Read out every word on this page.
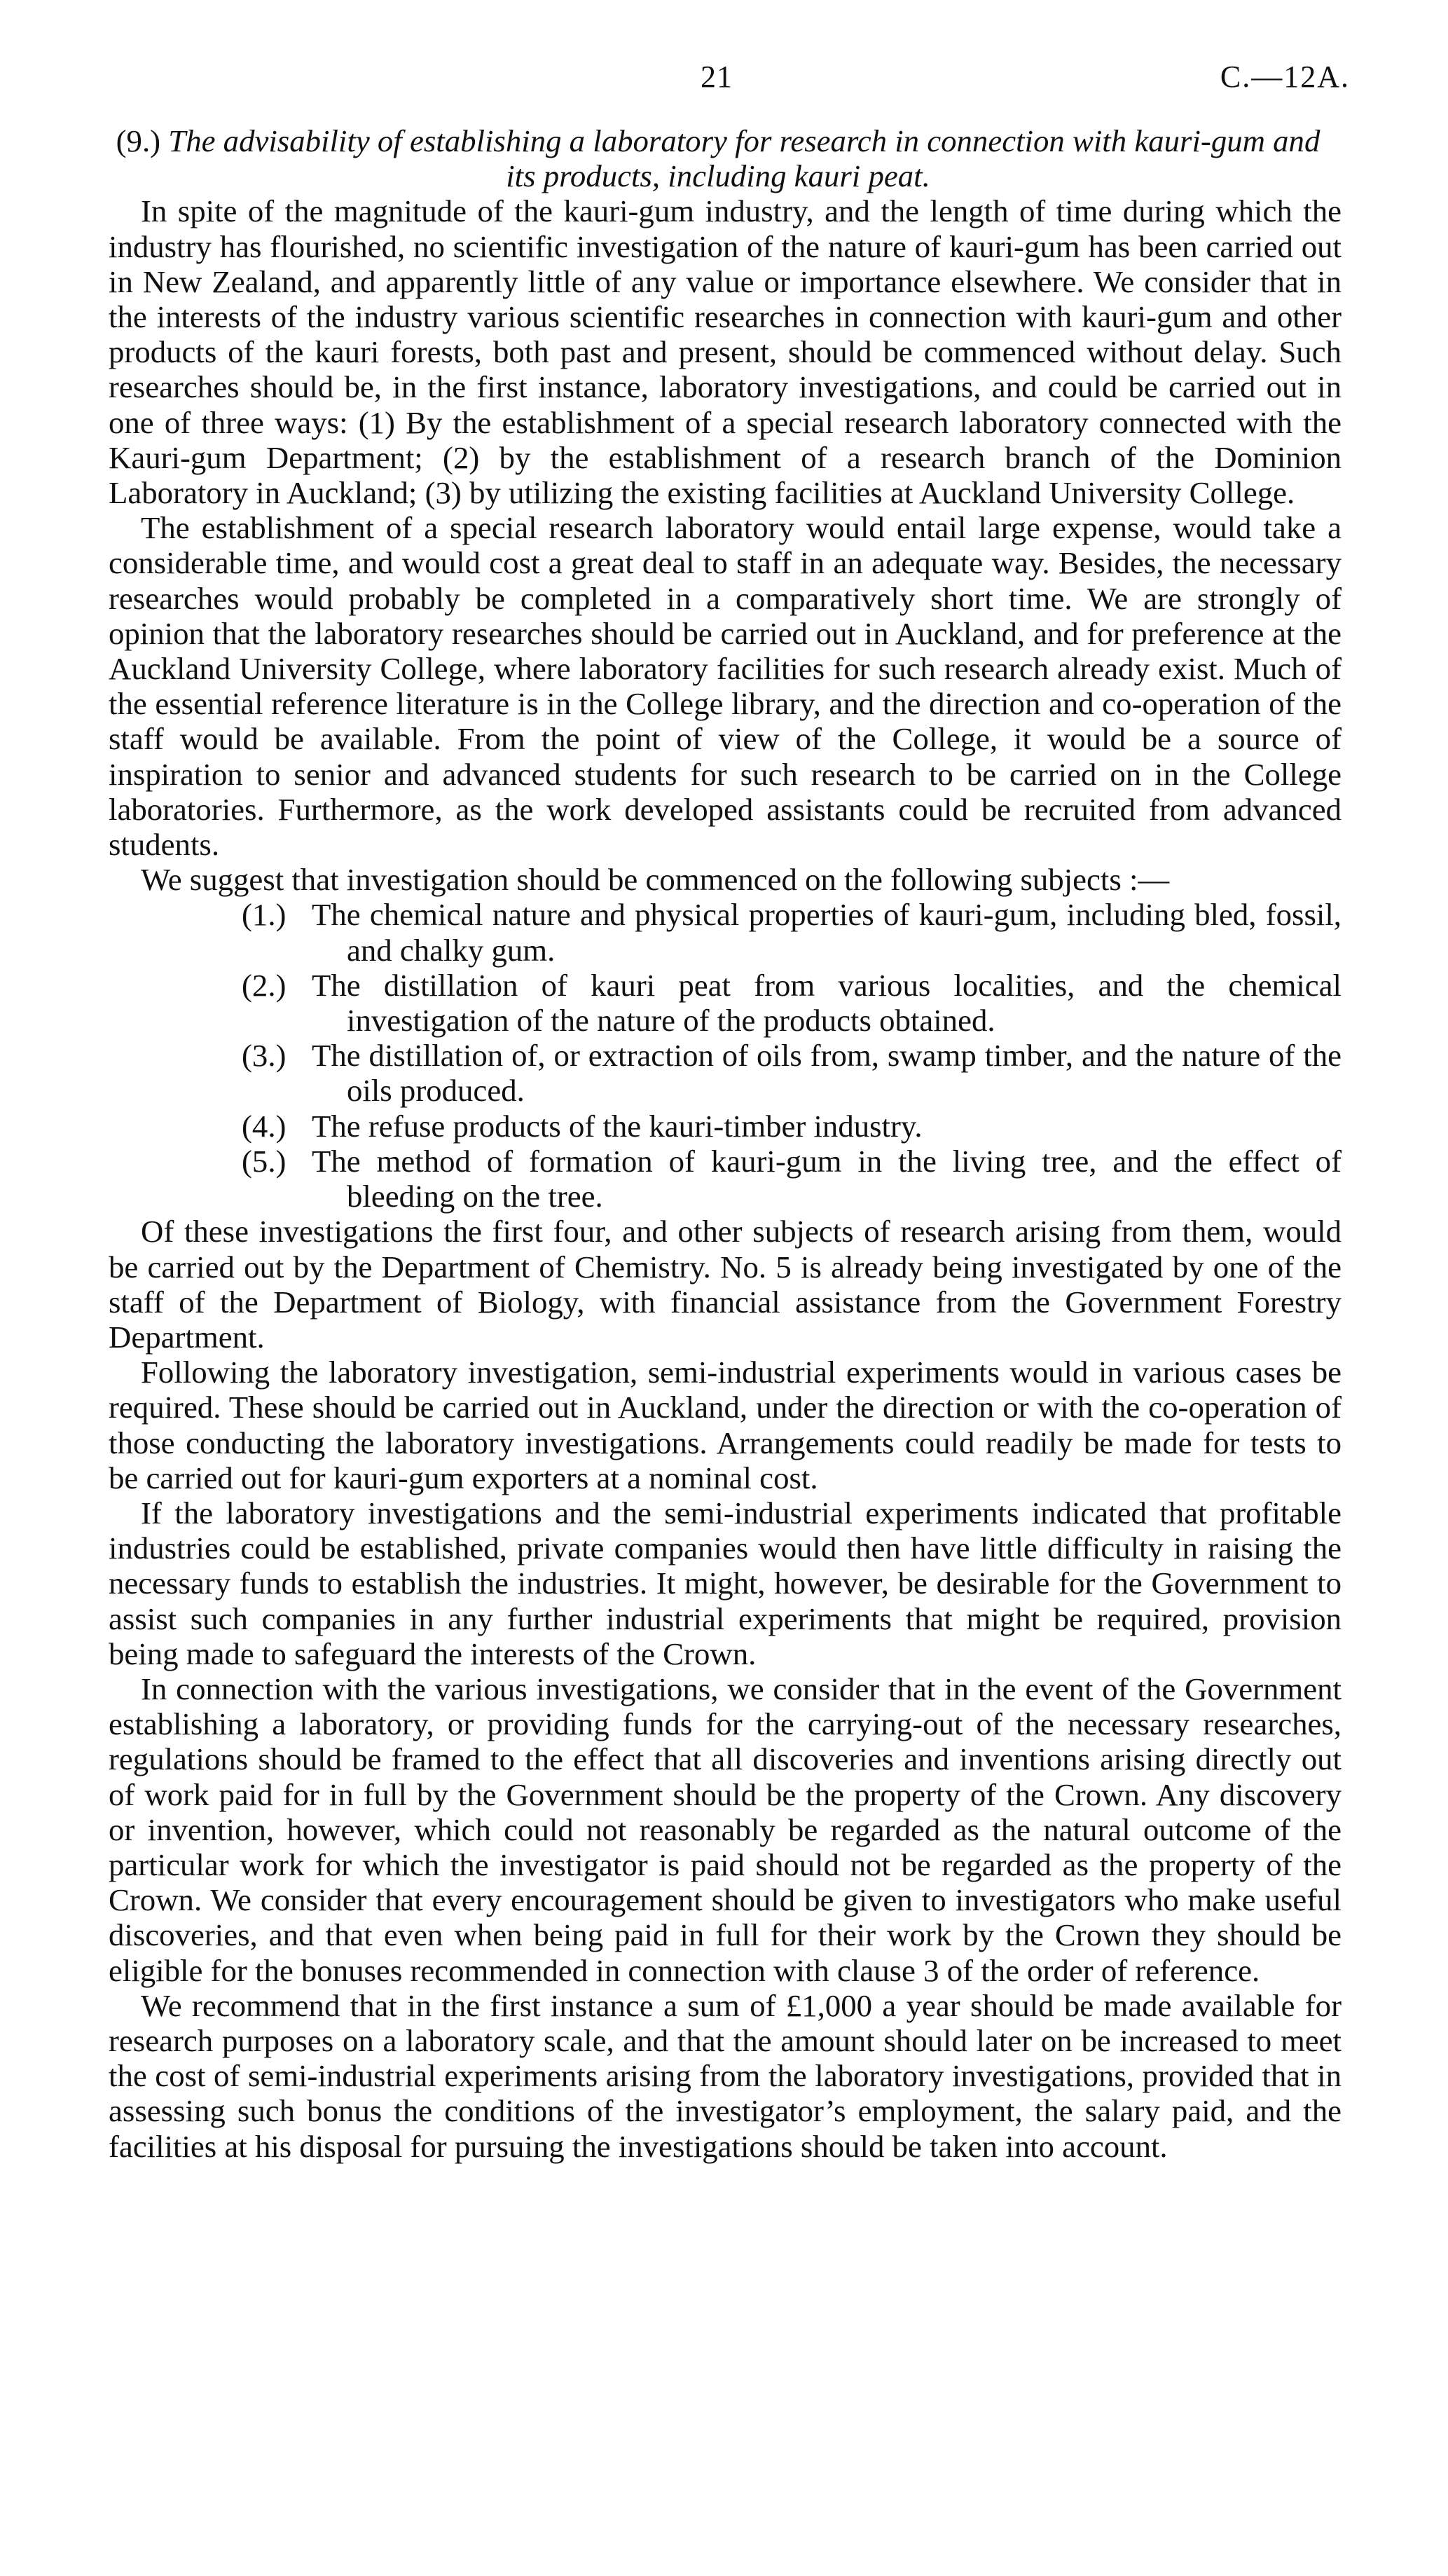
21	C.—12A.

(9.) The advisability of establishing a laboratory for research in connection with kauri-gum and its products, including kauri peat.

In spite of the magnitude of the kauri-gum industry, and the length of time during which the industry has flourished, no scientific investigation of the nature of kauri-gum has been carried out in New Zealand, and apparently little of any value or importance elsewhere. We consider that in the interests of the industry various scientific researches in connection with kauri-gum and other products of the kauri forests, both past and present, should be commenced without delay. Such researches should be, in the first instance, laboratory investigations, and could be carried out in one of three ways: (1) By the establishment of a special research laboratory connected with the Kauri-gum Department; (2) by the establishment of a research branch of the Dominion Laboratory in Auckland; (3) by utilizing the existing facilities at Auckland University College.

The establishment of a special research laboratory would entail large expense, would take a considerable time, and would cost a great deal to staff in an adequate way. Besides, the necessary researches would probably be completed in a comparatively short time. We are strongly of opinion that the laboratory researches should be carried out in Auckland, and for preference at the Auckland University College, where laboratory facilities for such research already exist. Much of the essential reference literature is in the College library, and the direction and co-operation of the staff would be available. From the point of view of the College, it would be a source of inspiration to senior and advanced students for such research to be carried on in the College laboratories. Furthermore, as the work developed assistants could be recruited from advanced students.

We suggest that investigation should be commenced on the following subjects :—

(1.) The chemical nature and physical properties of kauri-gum, including bled, fossil, and chalky gum.
(2.) The distillation of kauri peat from various localities, and the chemical investigation of the nature of the products obtained.
(3.) The distillation of, or extraction of oils from, swamp timber, and the nature of the oils produced.
(4.) The refuse products of the kauri-timber industry.
(5.) The method of formation of kauri-gum in the living tree, and the effect of bleeding on the tree.

Of these investigations the first four, and other subjects of research arising from them, would be carried out by the Department of Chemistry. No. 5 is already being investigated by one of the staff of the Department of Biology, with financial assistance from the Government Forestry Department.

Following the laboratory investigation, semi-industrial experiments would in various cases be required. These should be carried out in Auckland, under the direction or with the co-operation of those conducting the laboratory investigations. Arrangements could readily be made for tests to be carried out for kauri-gum exporters at a nominal cost.

If the laboratory investigations and the semi-industrial experiments indicated that profitable industries could be established, private companies would then have little difficulty in raising the necessary funds to establish the industries. It might, however, be desirable for the Government to assist such companies in any further industrial experiments that might be required, provision being made to safeguard the interests of the Crown.

In connection with the various investigations, we consider that in the event of the Government establishing a laboratory, or providing funds for the carrying-out of the necessary researches, regulations should be framed to the effect that all discoveries and inventions arising directly out of work paid for in full by the Government should be the property of the Crown. Any discovery or invention, however, which could not reasonably be regarded as the natural outcome of the particular work for which the investigator is paid should not be regarded as the property of the Crown. We consider that every encouragement should be given to investigators who make useful discoveries, and that even when being paid in full for their work by the Crown they should be eligible for the bonuses recommended in connection with clause 3 of the order of reference.

We recommend that in the first instance a sum of £1,000 a year should be made available for research purposes on a laboratory scale, and that the amount should later on be increased to meet the cost of semi-industrial experiments arising from the laboratory investigations, provided that in assessing such bonus the conditions of the investigator’s employment, the salary paid, and the facilities at his disposal for pursuing the investigations should be taken into account.
